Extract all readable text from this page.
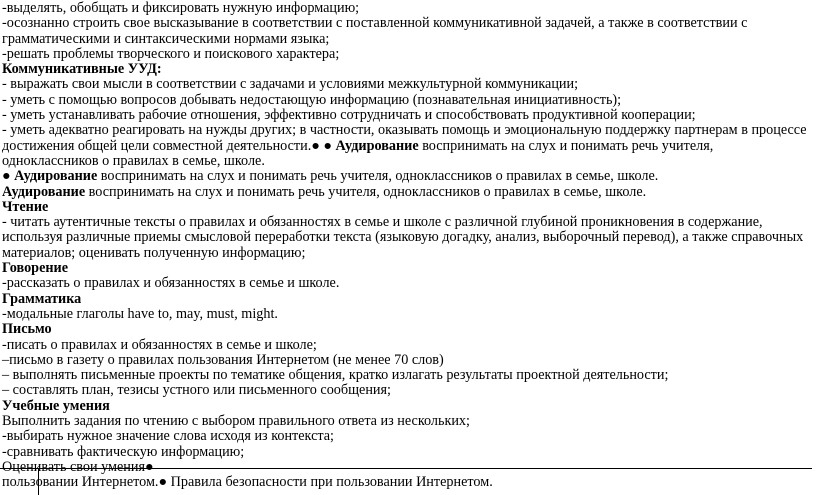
-выделять, обобщать и фиксировать нужную информацию;

-осознанно строить свое высказывание в соответствии с поставленной коммуникативной задачей, а также в соответствии с грамматическими и синтаксическими нормами языка;

-решать проблемы творческого и поискового характера;

Коммуникативные УУД:

- выражать свои мысли в соответствии с задачами и условиями межкультурной коммуникации;

- уметь с помощью вопросов добывать недостающую информацию (познавательная инициативность);

- уметь устанавливать рабочие отношения, эффективно сотрудничать и способствовать продуктивной кооперации;

- уметь адекватно реагировать на нужды других; в частности, оказывать помощь и эмоциональную поддержку партнерам в процессе достижения общей цели совместной деятельности.● ● Аудирование воспринимать на слух и понимать речь учителя, одноклассников о правилах в семье, школе.

● Аудирование воспринимать на слух и понимать речь учителя, одноклассников о правилах в семье, школе.

Аудирование воспринимать на слух и понимать речь учителя, одноклассников о правилах в семье, школе.

Чтение

- читать аутентичные тексты о правилах и обязанностях в семье и школе с различной глубиной проникновения в содержание, используя различные приемы смысловой переработки текста (языковую догадку, анализ, выборочный перевод), а также справочных материалов; оценивать полученную информацию;

Говорение

-рассказать о правилах и обязанностях в семье и школе.

Грамматика

-модальные глаголы have to, may, must, might.

Письмо

-писать о правилах и обязанностях в семье и школе;

–письмо в газету о правилах пользования Интернетом (не менее 70 слов)

– выполнять письменные проекты по тематике общения, кратко излагать результаты проектной деятельности;

– составлять план, тезисы устного или письменного сообщения;

Учебные умения

Выполнить задания по чтению с выбором правильного ответа из нескольких;

-выбирать нужное значение слова исходя из контекста;

-сравнивать фактическую информацию;

Оценивать свои умения●

пользовании Интернетом.● Правила безопасности при пользовании Интернетом.
